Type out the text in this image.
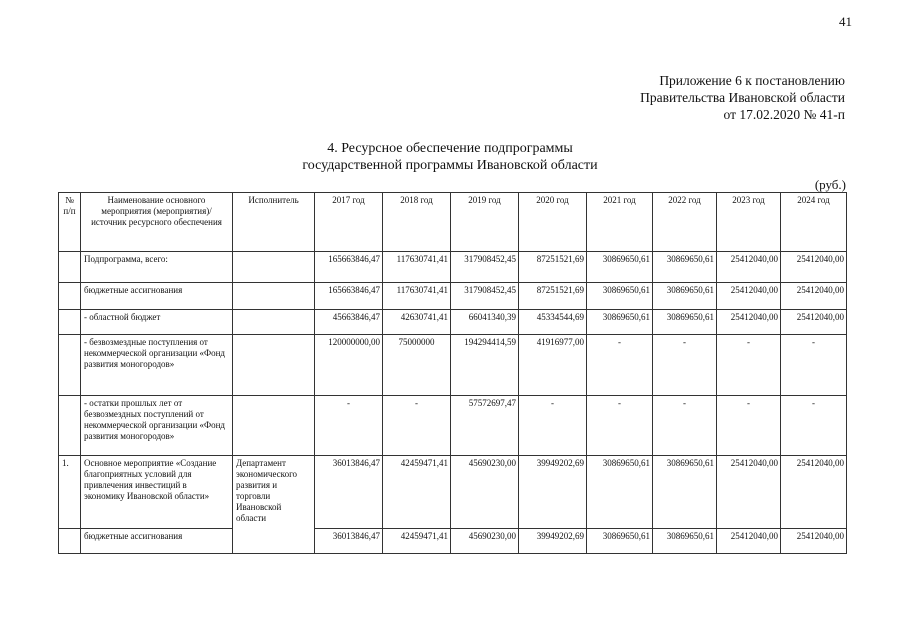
41
Приложение 6 к постановлению
Правительства Ивановской области
от 17.02.2020 № 41-п
4. Ресурсное обеспечение подпрограммы
государственной программы Ивановской области
(руб.)
№ п/п	Наименование основного мероприятия (мероприятия)/источник ресурсного обеспечения	Исполнитель	2017 год	2018 год	2019 год	2020 год	2021 год	2022 год	2023 год	2024 год
	Подпрограмма, всего:		165663846,47	117630741,41	317908452,45	87251521,69	30869650,61	30869650,61	25412040,00	25412040,00
	бюджетные ассигнования		165663846,47	117630741,41	317908452,45	87251521,69	30869650,61	30869650,61	25412040,00	25412040,00
	- областной бюджет		45663846,47	42630741,41	66041340,39	45334544,69	30869650,61	30869650,61	25412040,00	25412040,00
	- безвозмездные поступления от некоммерческой организации «Фонд развития моногородов»		120000000,00	75000000	194294414,59	41916977,00	-	-	-	-
	- остатки прошлых лет от безвозмездных поступлений от некоммерческой организации «Фонд развития моногородов»		-	-	57572697,47	-	-	-	-	-
1.	Основное мероприятие «Создание благоприятных условий для привлечения инвестиций в экономику Ивановской области»	Департамент экономического развития и торговли Ивановской области	36013846,47	42459471,41	45690230,00	39949202,69	30869650,61	30869650,61	25412040,00	25412040,00
	бюджетные ассигнования		36013846,47	42459471,41	45690230,00	39949202,69	30869650,61	30869650,61	25412040,00	25412040,00
